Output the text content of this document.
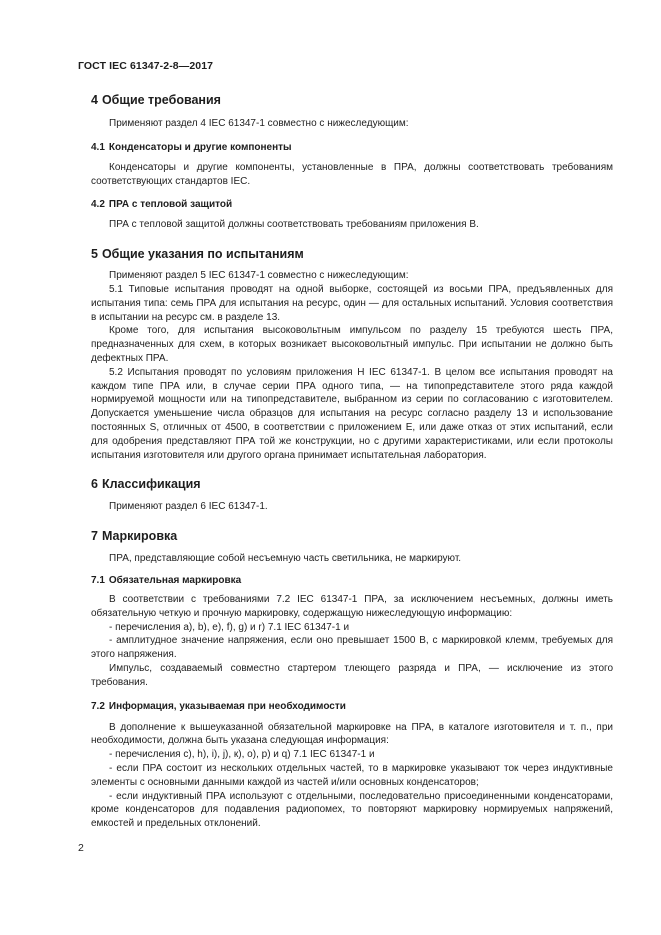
ГОСТ IEC 61347-2-8—2017
4 Общие требования

Применяют раздел 4 IEC 61347-1 совместно с нижеследующим:

4.1 Конденсаторы и другие компоненты

Конденсаторы и другие компоненты, установленные в ПРА, должны соответствовать требованиям соответствующих стандартов IEC.

4.2 ПРА с тепловой защитой

ПРА с тепловой защитой должны соответствовать требованиям приложения В.

5 Общие указания по испытаниям

Применяют раздел 5 IEC 61347-1 совместно с нижеследующим:

5.1 Типовые испытания проводят на одной выборке, состоящей из восьми ПРА, предъявленных для испытания типа: семь ПРА для испытания на ресурс, один — для остальных испытаний. Условия соответствия в испытании на ресурс см. в разделе 13.

Кроме того, для испытания высоковольтным импульсом по разделу 15 требуются шесть ПРА, предназначенных для схем, в которых возникает высоковольтный импульс. При испытании не должно быть дефектных ПРА.

5.2 Испытания проводят по условиям приложения Н IEC 61347-1. В целом все испытания проводят на каждом типе ПРА или, в случае серии ПРА одного типа, — на типопредставителе этого ряда каждой нормируемой мощности или на типопредставителе, выбранном из серии по согласованию с изготовителем. Допускается уменьшение числа образцов для испытания на ресурс согласно разделу 13 и использование постоянных S, отличных от 4500, в соответствии с приложением Е, или даже отказ от этих испытаний, если для одобрения представляют ПРА той же конструкции, но с другими характеристиками, или если протоколы испытания изготовителя или другого органа принимает испытательная лаборатория.

6 Классификация

Применяют раздел 6 IEC 61347-1.

7 Маркировка

ПРА, представляющие собой несъемную часть светильника, не маркируют.

7.1 Обязательная маркировка

В соответствии с требованиями 7.2 IEC 61347-1 ПРА, за исключением несъемных, должны иметь обязательную четкую и прочную маркировку, содержащую нижеследующую информацию:

- перечисления а), b), е), f), g) и r) 7.1 IEC 61347-1 и

- амплитудное значение напряжения, если оно превышает 1500 В, с маркировкой клемм, требуемых для этого напряжения.

Импульс, создаваемый совместно стартером тлеющего разряда и ПРА, — исключение из этого требования.

7.2 Информация, указываемая при необходимости

В дополнение к вышеуказанной обязательной маркировке на ПРА, в каталоге изготовителя и т. п., при необходимости, должна быть указана следующая информация:

- перечисления с), h), i), j), к), о), р) и q) 7.1 IEC 61347-1 и

- если ПРА состоит из нескольких отдельных частей, то в маркировке указывают ток через индуктивные элементы с основными данными каждой из частей и/или основных конденсаторов;

- если индуктивный ПРА используют с отдельными, последовательно присоединенными конденсаторами, кроме конденсаторов для подавления радиопомех, то повторяют маркировку нормируемых напряжений, емкостей и предельных отклонений.

2
